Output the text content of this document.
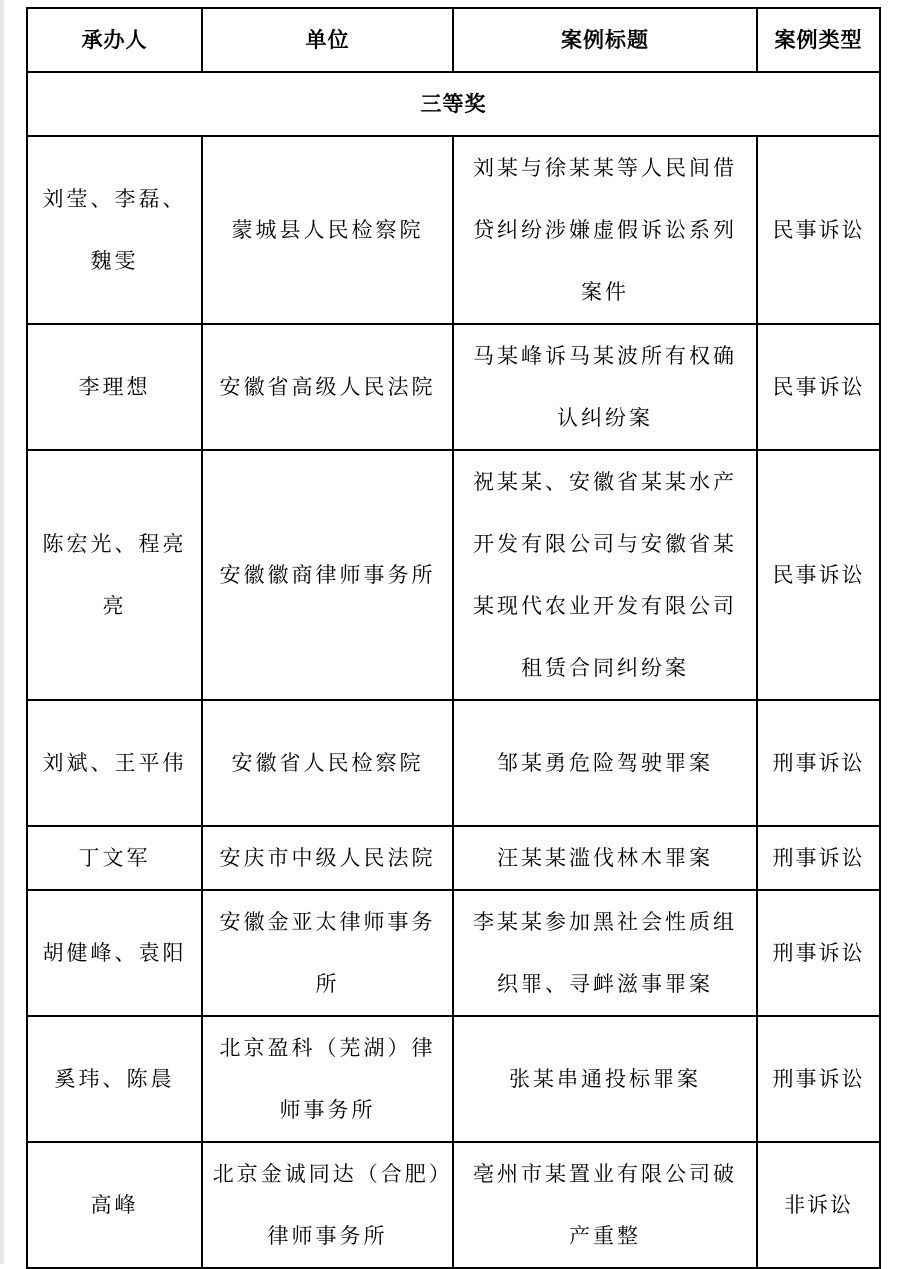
承办人	单位	案例标题	案例类型
三等奖			
刘莹、李磊、魏雯	蒙城县人民检察院	刘某与徐某某等人民间借贷纠纷涉嫌虚假诉讼系列案件	民事诉讼
李理想	安徽省高级人民法院	马某峰诉马某波所有权确认纠纷案	民事诉讼
陈宏光、程亮亮	安徽徽商律师事务所	祝某某、安徽省某某水产开发有限公司与安徽省某某现代农业开发有限公司租赁合同纠纷案	民事诉讼
刘斌、王平伟	安徽省人民检察院	邹某勇危险驾驶罪案	刑事诉讼
丁文军	安庆市中级人民法院	汪某某滥伐林木罪案	刑事诉讼
胡健峰、袁阳	安徽金亚太律师事务所	李某某参加黑社会性质组织罪、寻衅滋事罪案	刑事诉讼
奚玮、陈晨	北京盈科（芜湖）律师事务所	张某串通投标罪案	刑事诉讼
高峰	北京金诚同达（合肥）律师事务所	亳州市某置业有限公司破产重整	非诉讼
